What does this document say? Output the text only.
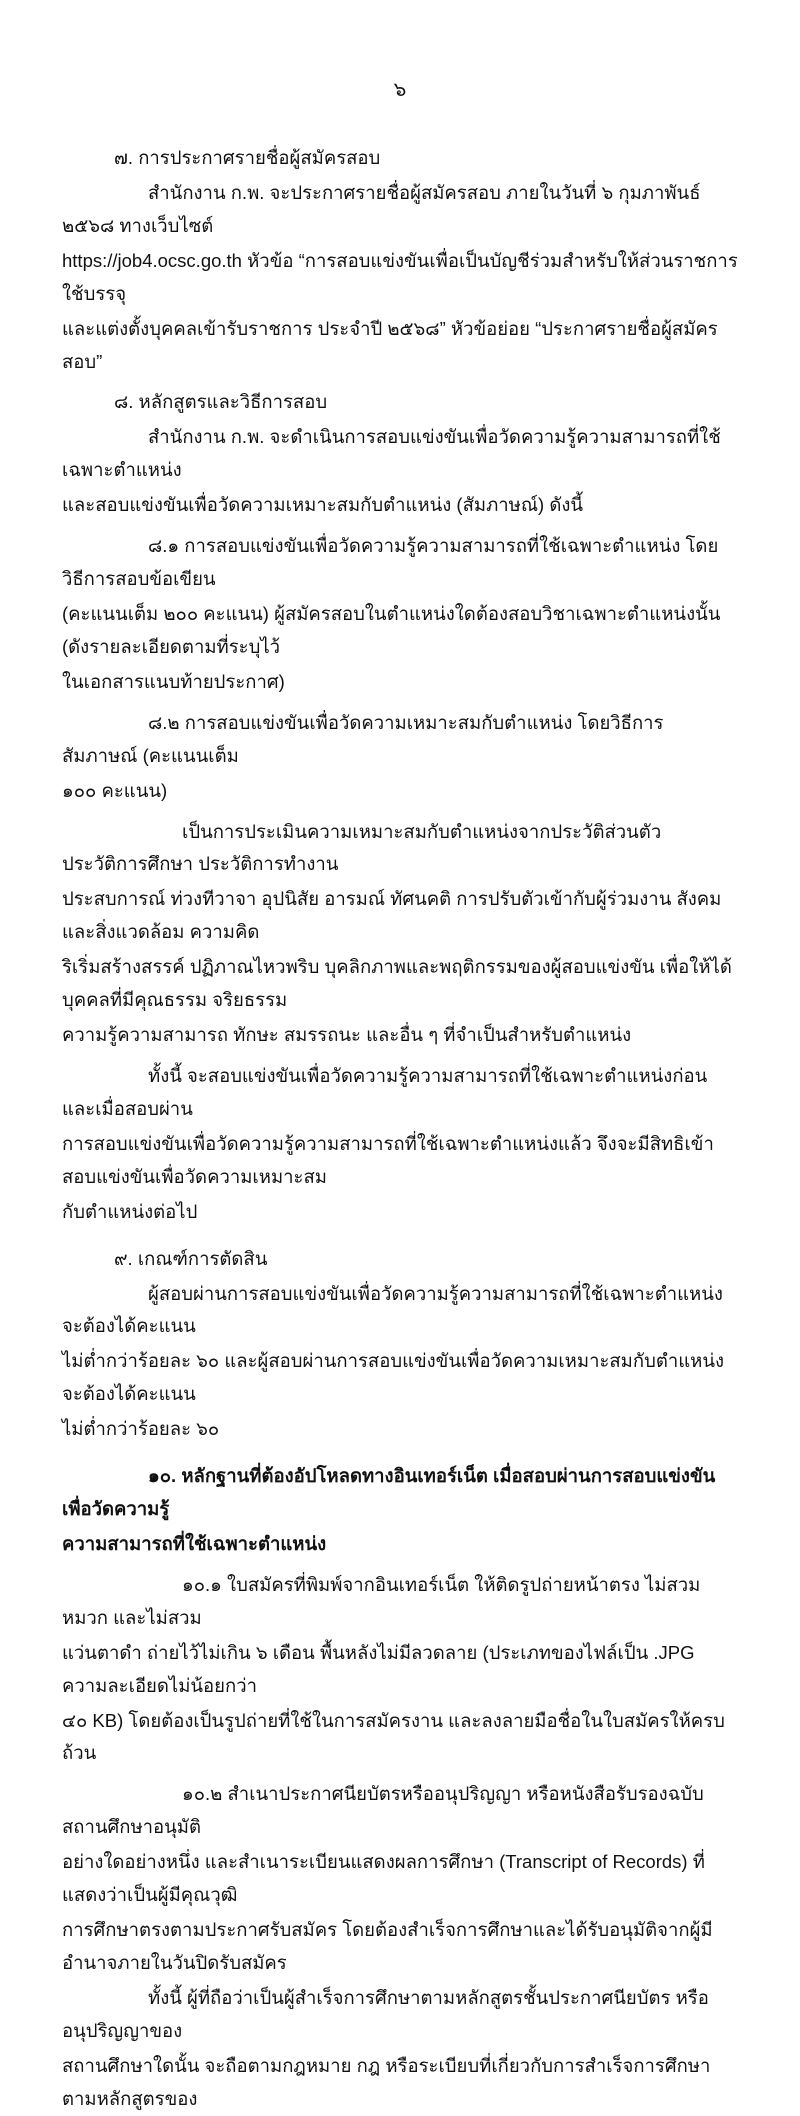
๖

๗. การประกาศรายชื่อผู้สมัครสอบ

สำนักงาน ก.พ. จะประกาศรายชื่อผู้สมัครสอบ ภายในวันที่ ๖ กุมภาพันธ์ ๒๕๖๘ ทางเว็บไซต์

https://job4.ocsc.go.th หัวข้อ “การสอบแข่งขันเพื่อเป็นบัญชีร่วมสำหรับให้ส่วนราชการใช้บรรจุ

และแต่งตั้งบุคคลเข้ารับราชการ ประจำปี ๒๕๖๘” หัวข้อย่อย “ประกาศรายชื่อผู้สมัครสอบ”

๘. หลักสูตรและวิธีการสอบ

สำนักงาน ก.พ. จะดำเนินการสอบแข่งขันเพื่อวัดความรู้ความสามารถที่ใช้เฉพาะตำแหน่ง

และสอบแข่งขันเพื่อวัดความเหมาะสมกับตำแหน่ง (สัมภาษณ์) ดังนี้

๘.๑ การสอบแข่งขันเพื่อวัดความรู้ความสามารถที่ใช้เฉพาะตำแหน่ง โดยวิธีการสอบข้อเขียน

(คะแนนเต็ม ๒๐๐ คะแนน) ผู้สมัครสอบในตำแหน่งใดต้องสอบวิชาเฉพาะตำแหน่งนั้น (ดังรายละเอียดตามที่ระบุไว้

ในเอกสารแนบท้ายประกาศ)

๘.๒ การสอบแข่งขันเพื่อวัดความเหมาะสมกับตำแหน่ง โดยวิธีการสัมภาษณ์ (คะแนนเต็ม

๑๐๐ คะแนน)

เป็นการประเมินความเหมาะสมกับตำแหน่งจากประวัติส่วนตัว ประวัติการศึกษา ประวัติการทำงาน

ประสบการณ์ ท่วงทีวาจา อุปนิสัย อารมณ์ ทัศนคติ การปรับตัวเข้ากับผู้ร่วมงาน สังคม และสิ่งแวดล้อม ความคิด

ริเริ่มสร้างสรรค์ ปฏิภาณไหวพริบ บุคลิกภาพและพฤติกรรมของผู้สอบแข่งขัน เพื่อให้ได้บุคคลที่มีคุณธรรม จริยธรรม

ความรู้ความสามารถ ทักษะ สมรรถนะ และอื่น ๆ ที่จำเป็นสำหรับตำแหน่ง

ทั้งนี้ จะสอบแข่งขันเพื่อวัดความรู้ความสามารถที่ใช้เฉพาะตำแหน่งก่อน และเมื่อสอบผ่าน

การสอบแข่งขันเพื่อวัดความรู้ความสามารถที่ใช้เฉพาะตำแหน่งแล้ว จึงจะมีสิทธิเข้าสอบแข่งขันเพื่อวัดความเหมาะสม

กับตำแหน่งต่อไป

๙. เกณฑ์การตัดสิน

ผู้สอบผ่านการสอบแข่งขันเพื่อวัดความรู้ความสามารถที่ใช้เฉพาะตำแหน่งจะต้องได้คะแนน

ไม่ต่ำกว่าร้อยละ ๖๐ และผู้สอบผ่านการสอบแข่งขันเพื่อวัดความเหมาะสมกับตำแหน่งจะต้องได้คะแนน

ไม่ต่ำกว่าร้อยละ ๖๐

๑๐. หลักฐานที่ต้องอัปโหลดทางอินเทอร์เน็ต เมื่อสอบผ่านการสอบแข่งขันเพื่อวัดความรู้

ความสามารถที่ใช้เฉพาะตำแหน่ง

๑๐.๑ ใบสมัครที่พิมพ์จากอินเทอร์เน็ต ให้ติดรูปถ่ายหน้าตรง ไม่สวมหมวก และไม่สวม

แว่นตาดำ ถ่ายไว้ไม่เกิน ๖ เดือน พื้นหลังไม่มีลวดลาย (ประเภทของไฟล์เป็น .JPG ความละเอียดไม่น้อยกว่า

๔๐ KB) โดยต้องเป็นรูปถ่ายที่ใช้ในการสมัครงาน และลงลายมือชื่อในใบสมัครให้ครบถ้วน

๑๐.๒ สำเนาประกาศนียบัตรหรืออนุปริญญา หรือหนังสือรับรองฉบับสถานศึกษาอนุมัติ

อย่างใดอย่างหนึ่ง และสำเนาระเบียนแสดงผลการศึกษา (Transcript of Records) ที่แสดงว่าเป็นผู้มีคุณวุฒิ

การศึกษาตรงตามประกาศรับสมัคร โดยต้องสำเร็จการศึกษาและได้รับอนุมัติจากผู้มีอำนาจภายในวันปิดรับสมัคร

ทั้งนี้ ผู้ที่ถือว่าเป็นผู้สำเร็จการศึกษาตามหลักสูตรชั้นประกาศนียบัตร หรืออนุปริญญาของ

สถานศึกษาใดนั้น จะถือตามกฎหมาย กฎ หรือระเบียบที่เกี่ยวกับการสำเร็จการศึกษาตามหลักสูตรของ
